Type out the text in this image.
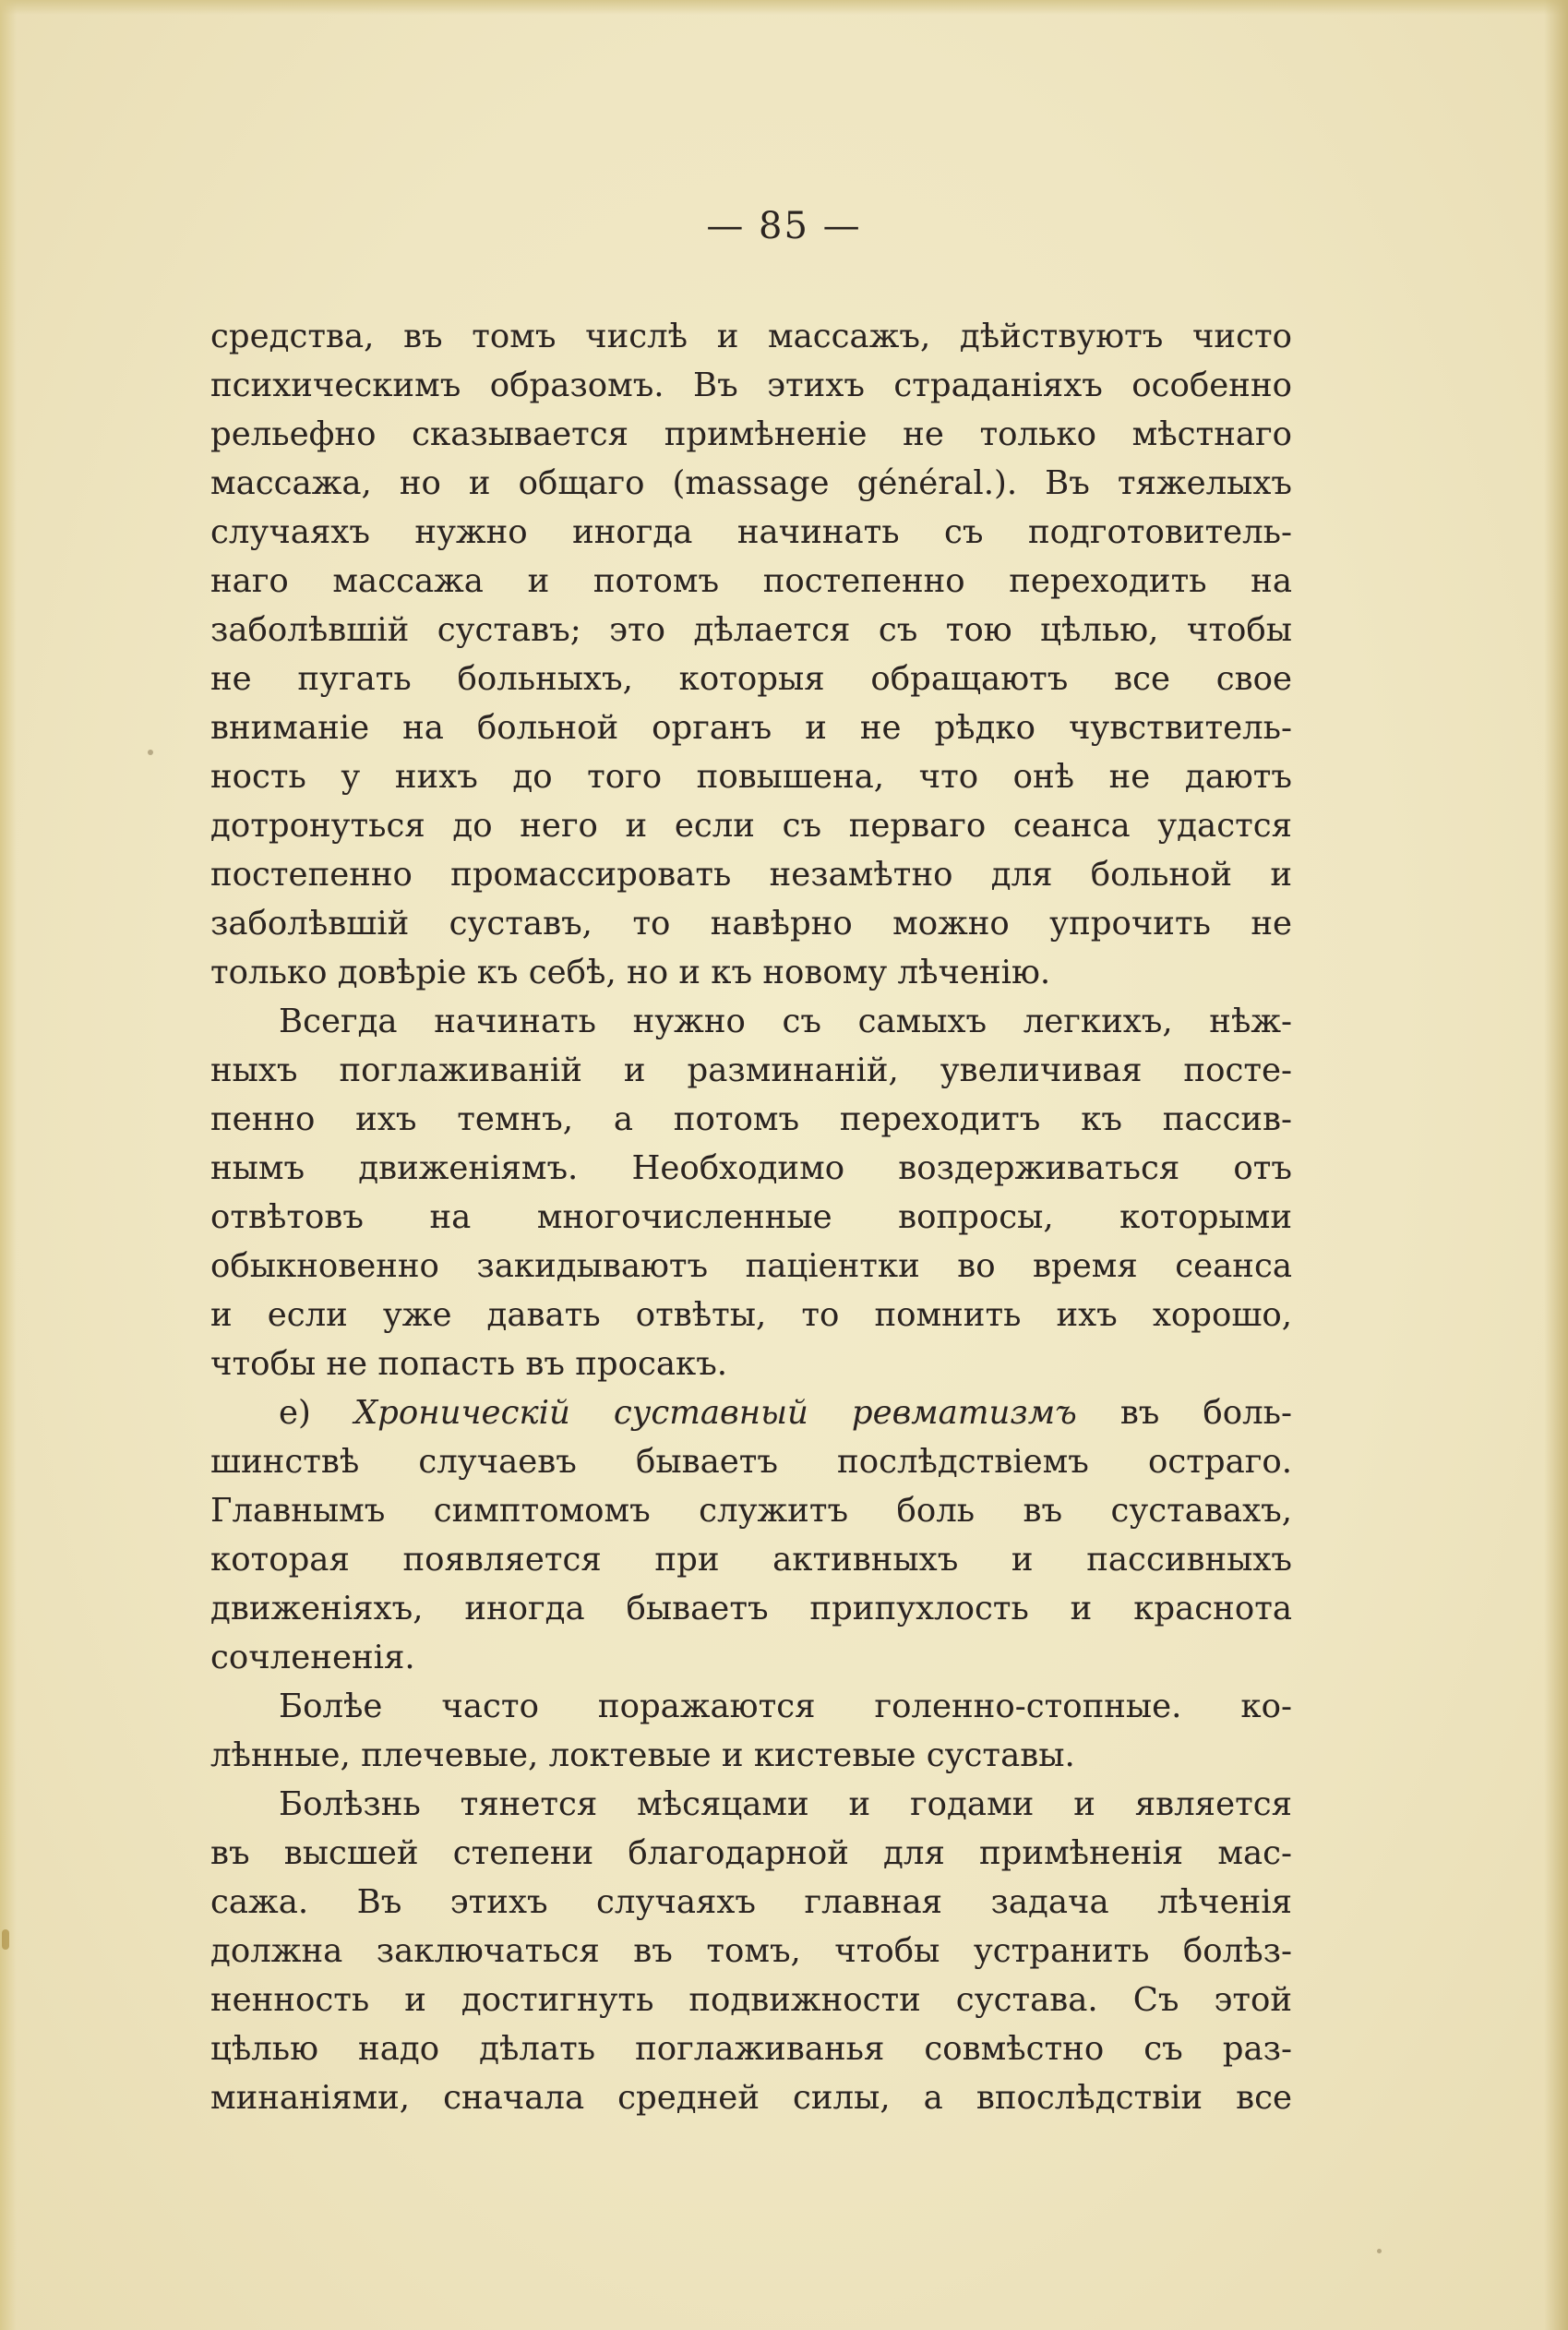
— 85 —
средства, въ томъ числѣ и массажъ, дѣйствуютъ чисто
психическимъ образомъ. Въ этихъ страданіяхъ особенно
рельефно сказывается примѣненіе не только мѣстнаго
массажа, но и общаго (massage général.). Въ тяжелыхъ
случаяхъ нужно иногда начинать съ подготовитель-
наго массажа и потомъ постепенно переходить на
заболѣвшій суставъ; это дѣлается съ тою цѣлью, чтобы
не пугать больныхъ, которыя обращаютъ все свое
вниманіе на больной органъ и не рѣдко чувствитель-
ность у нихъ до того повышена, что онѣ не даютъ
дотронуться до него и если съ перваго сеанса удастся
постепенно промассировать незамѣтно для больной и
заболѣвшій суставъ, то навѣрно можно упрочить не
только довѣріе къ себѣ, но и къ новому лѣченію.
Всегда начинать нужно съ самыхъ легкихъ, нѣж-
ныхъ поглаживаній и разминаній, увеличивая посте-
пенно ихъ темнъ, а потомъ переходитъ къ пассив-
нымъ движеніямъ. Необходимо воздерживаться отъ
отвѣтовъ на многочисленные вопросы, которыми
обыкновенно закидываютъ паціентки во время сеанса
и если уже давать отвѣты, то помнить ихъ хорошо,
чтобы не попасть въ просакъ.
e) Хроническій суставный ревматизмъ въ боль-
шинствѣ случаевъ бываетъ послѣдствіемъ остраго.
Главнымъ симптомомъ служитъ боль въ суставахъ,
которая появляется при активныхъ и пассивныхъ
движеніяхъ, иногда бываетъ припухлость и краснота
сочлененія.
Болѣе часто поражаются голенно-стопные. ко-
лѣнные, плечевые, локтевые и кистевые суставы.
Болѣзнь тянется мѣсяцами и годами и является
въ высшей степени благодарной для примѣненія мас-
сажа. Въ этихъ случаяхъ главная задача лѣченія
должна заключаться въ томъ, чтобы устранить болѣз-
ненность и достигнуть подвижности сустава. Съ этой
цѣлью надо дѣлать поглаживанья совмѣстно съ раз-
минаніями, сначала средней силы, а впослѣдствіи все
